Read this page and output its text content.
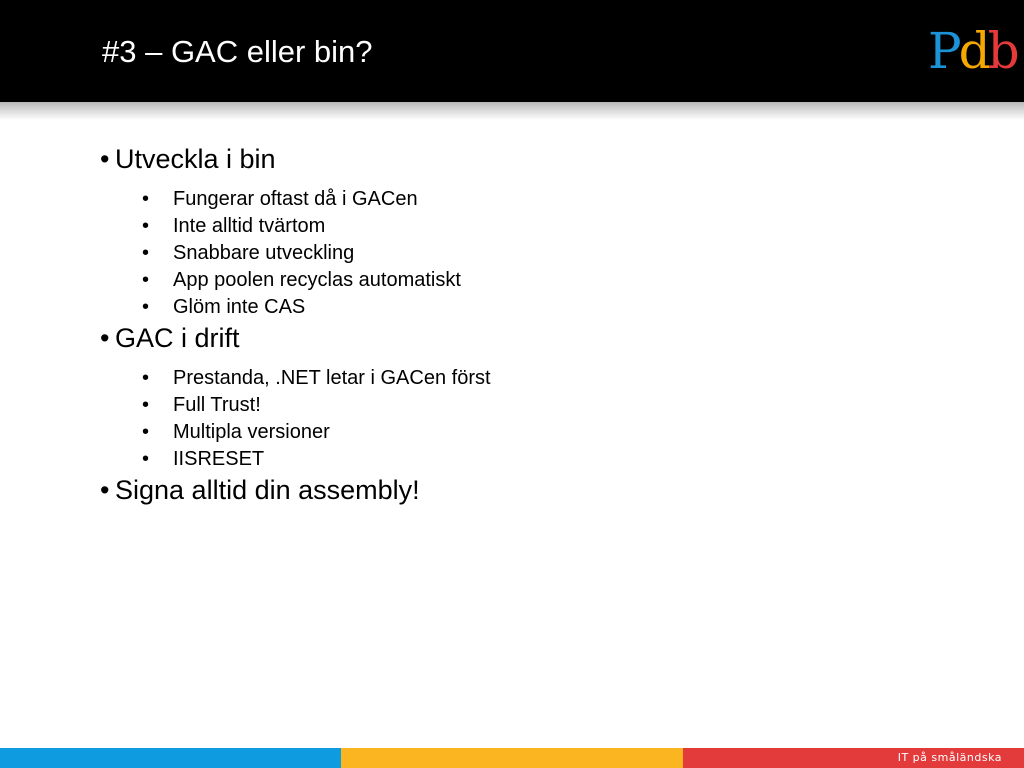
#3 – GAC eller bin?	Pdb

• Utveckla i bin

• Fungerar oftast då i GACen
• Inte alltid tvärtom
• Snabbare utveckling
• App poolen recyclas automatiskt
• Glöm inte CAS

• GAC i drift

• Prestanda, .NET letar i GACen först
• Full Trust!
• Multipla versioner
• IISRESET

• Signa alltid din assembly!

IT på småländska
